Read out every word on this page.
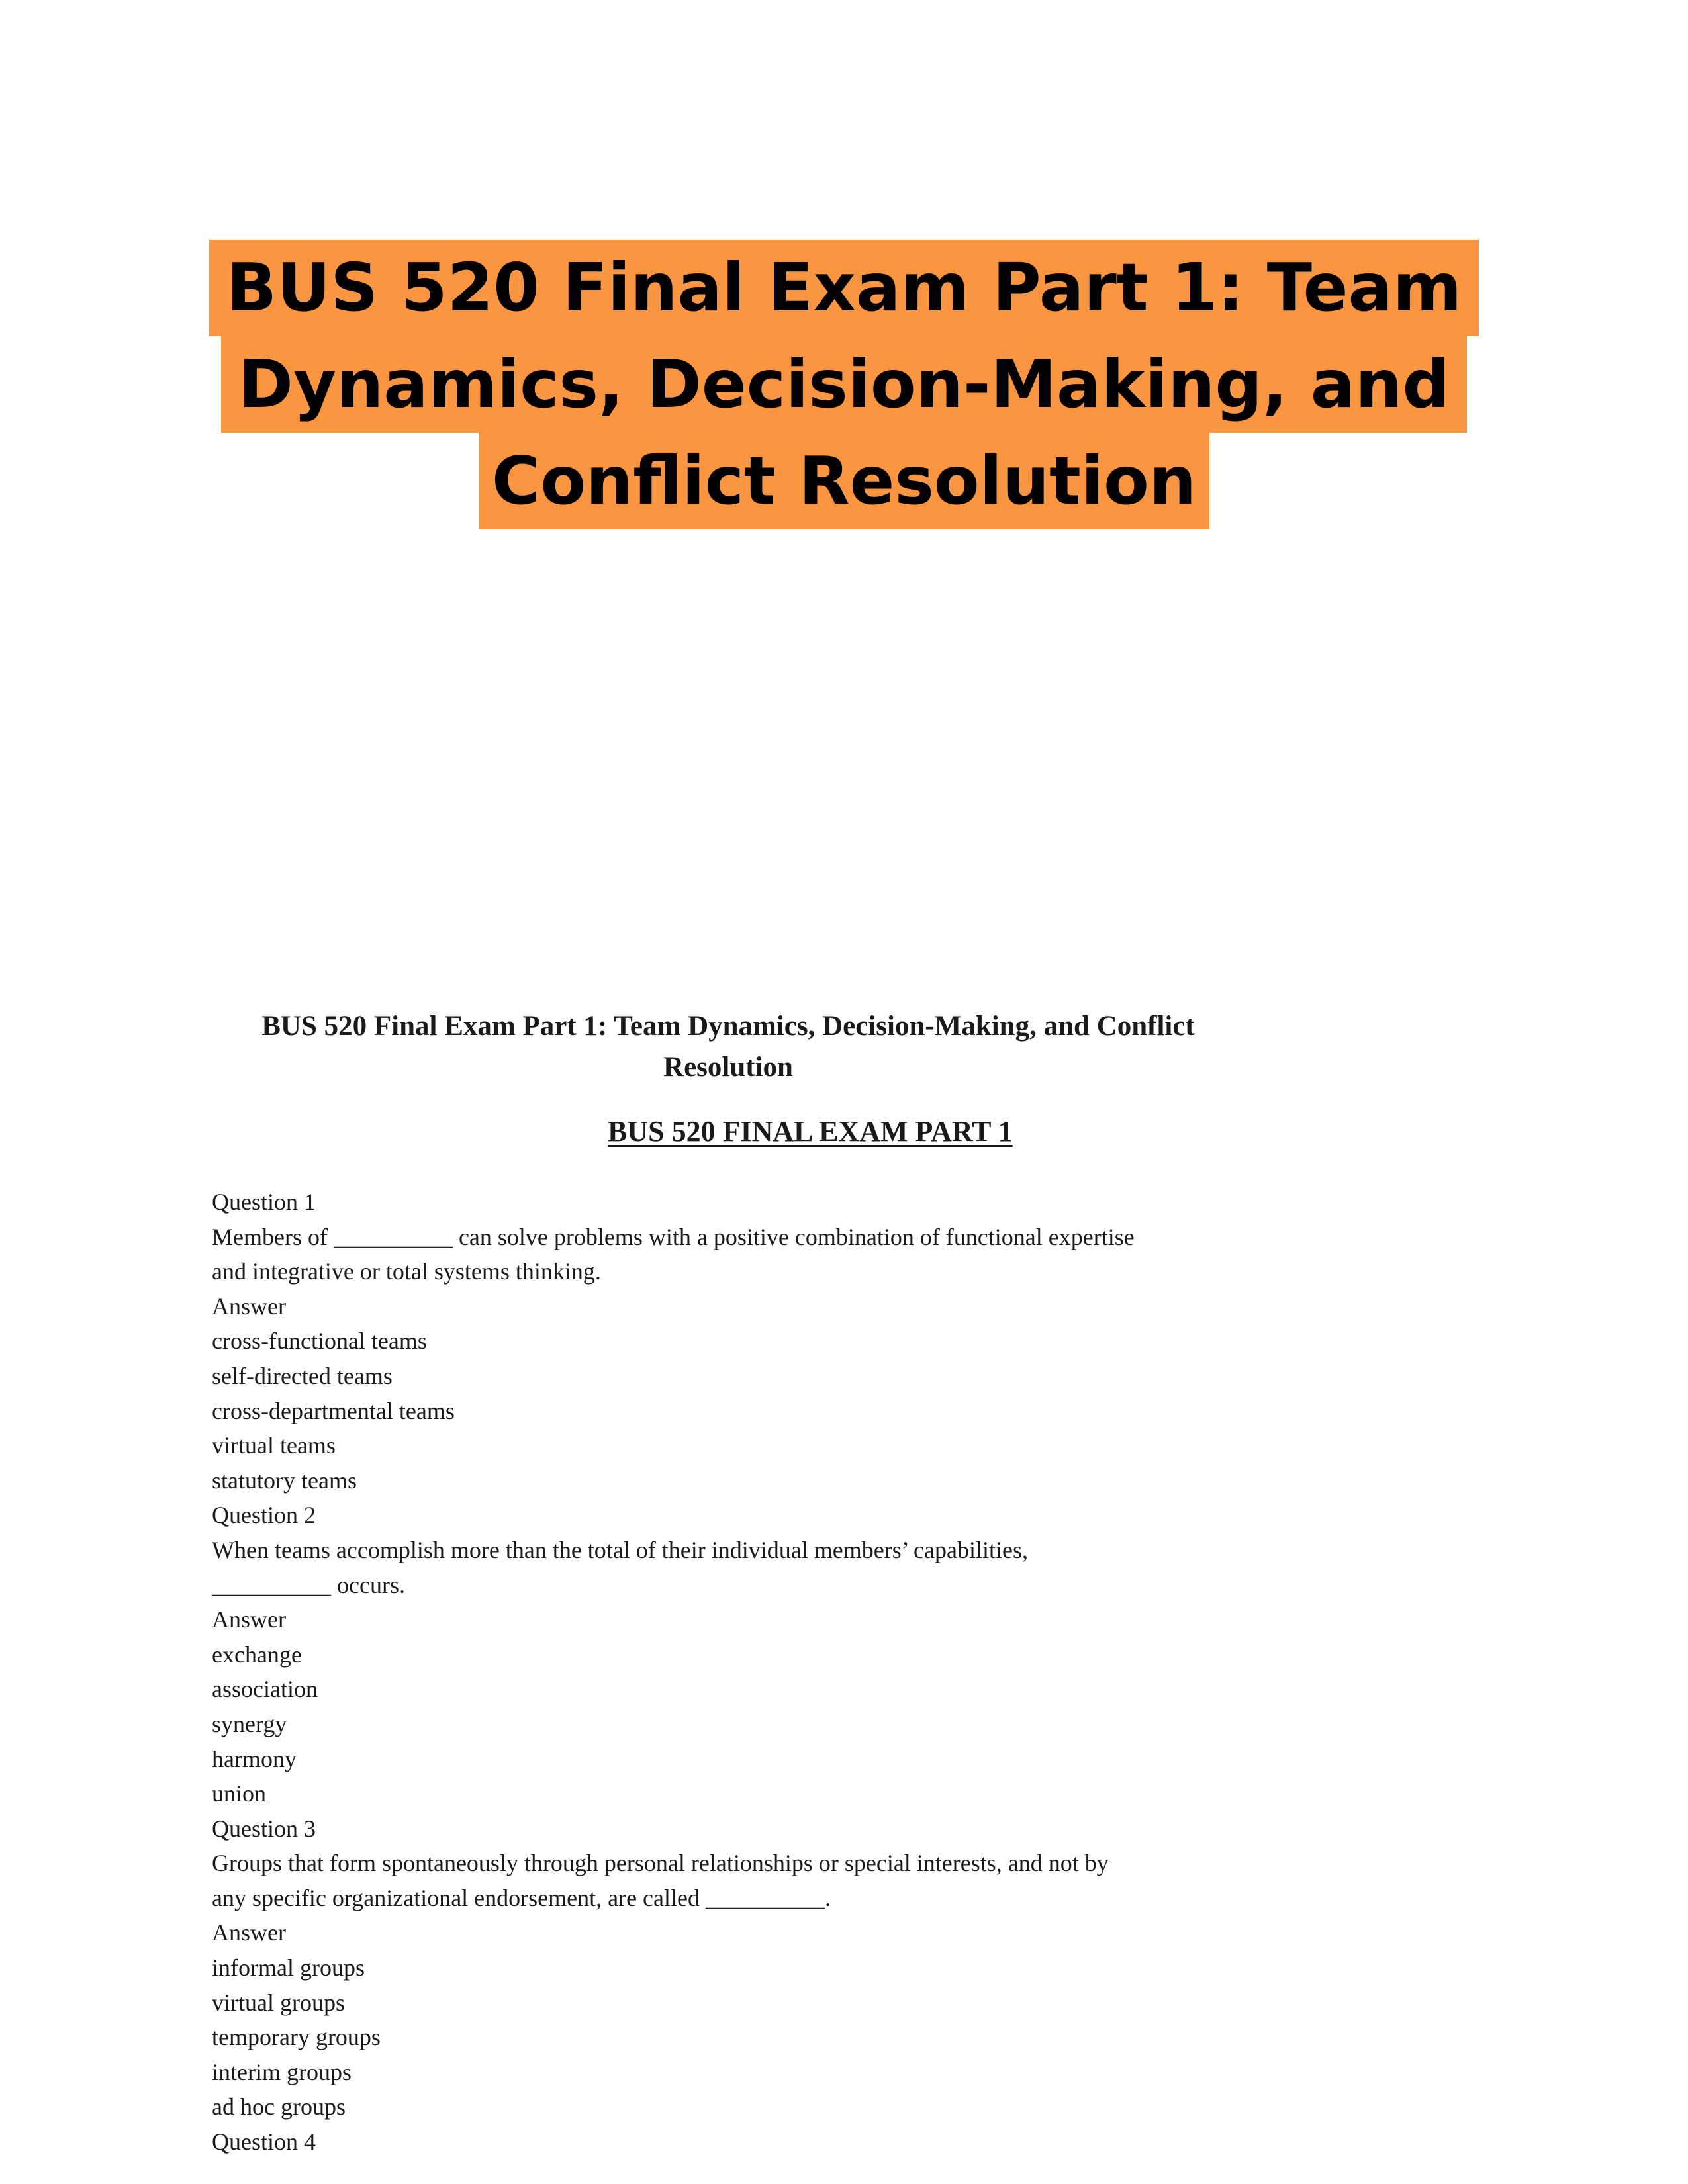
BUS 520 Final Exam Part 1: Team
Dynamics, Decision-Making, and
Conflict Resolution
BUS 520 Final Exam Part 1: Team Dynamics, Decision-Making, and Conflict
Resolution
BUS 520 FINAL EXAM PART 1
Question 1
Members of __________ can solve problems with a positive combination of functional expertise
and integrative or total systems thinking.
Answer
cross-functional teams
self-directed teams
cross-departmental teams
virtual teams
statutory teams
Question 2
When teams accomplish more than the total of their individual members’ capabilities,
__________ occurs.
Answer
exchange
association
synergy
harmony
union
Question 3
Groups that form spontaneously through personal relationships or special interests, and not by
any specific organizational endorsement, are called __________.
Answer
informal groups
virtual groups
temporary groups
interim groups
ad hoc groups
Question 4
